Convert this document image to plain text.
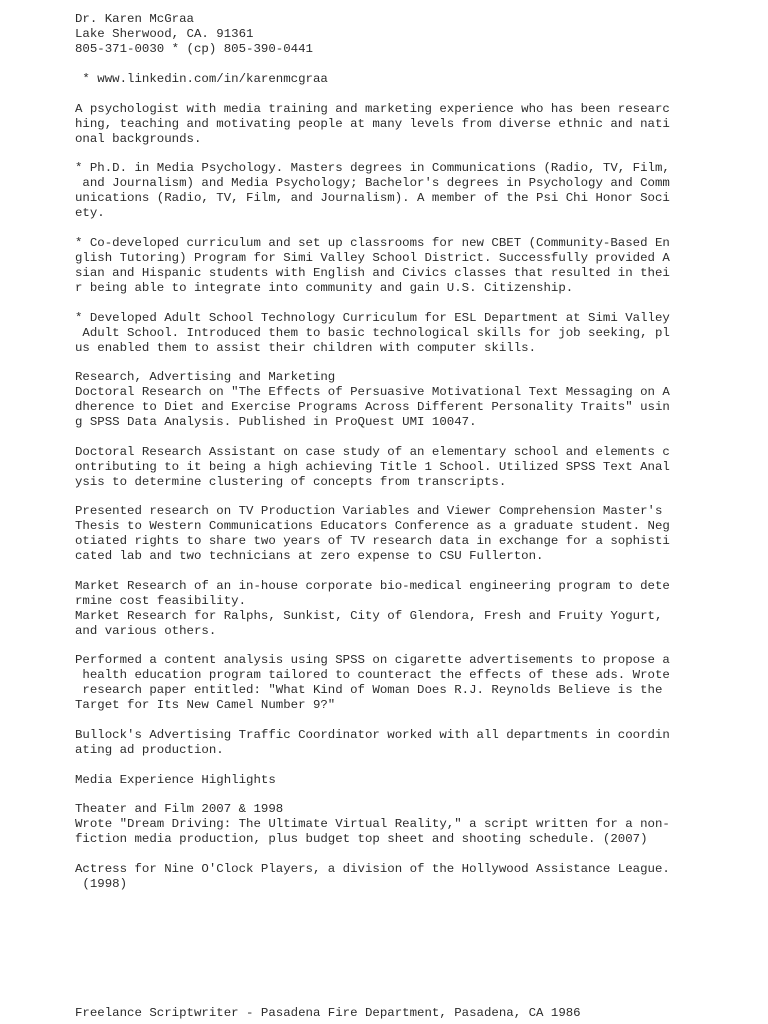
Dr. Karen McGraa
Lake Sherwood, CA. 91361
805-371-0030 * (cp) 805-390-0441
* www.linkedin.com/in/karenmcgraa
A psychologist with media training and marketing experience who has been researc
hing, teaching and motivating people at many levels from diverse ethnic and nati
onal backgrounds.
* Ph.D. in Media Psychology. Masters degrees in Communications (Radio, TV, Film,
and Journalism) and Media Psychology; Bachelor's degrees in Psychology and Comm
unications (Radio, TV, Film, and Journalism). A member of the Psi Chi Honor Soci
ety.
* Co-developed curriculum and set up classrooms for new CBET (Community-Based En
glish Tutoring) Program for Simi Valley School District. Successfully provided A
sian and Hispanic students with English and Civics classes that resulted in thei
r being able to integrate into community and gain U.S. Citizenship.
* Developed Adult School Technology Curriculum for ESL Department at Simi Valley
Adult School. Introduced them to basic technological skills for job seeking, pl
us enabled them to assist their children with computer skills.
Research, Advertising and Marketing
Doctoral Research on "The Effects of Persuasive Motivational Text Messaging on A
dherence to Diet and Exercise Programs Across Different Personality Traits" usin
g SPSS Data Analysis. Published in ProQuest UMI 10047.
Doctoral Research Assistant on case study of an elementary school and elements c
ontributing to it being a high achieving Title 1 School. Utilized SPSS Text Anal
ysis to determine clustering of concepts from transcripts.
Presented research on TV Production Variables and Viewer Comprehension Master's
Thesis to Western Communications Educators Conference as a graduate student. Neg
otiated rights to share two years of TV research data in exchange for a sophisti
cated lab and two technicians at zero expense to CSU Fullerton.
Market Research of an in-house corporate bio-medical engineering program to dete
rmine cost feasibility.
Market Research for Ralphs, Sunkist, City of Glendora, Fresh and Fruity Yogurt,
and various others.
Performed a content analysis using SPSS on cigarette advertisements to propose a
health education program tailored to counteract the effects of these ads. Wrote
research paper entitled: "What Kind of Woman Does R.J. Reynolds Believe is the
Target for Its New Camel Number 9?"
Bullock's Advertising Traffic Coordinator worked with all departments in coordin
ating ad production.
Media Experience Highlights
Theater and Film 2007 & 1998
Wrote "Dream Driving: The Ultimate Virtual Reality," a script written for a non-
fiction media production, plus budget top sheet and shooting schedule. (2007)
Actress for Nine O'Clock Players, a division of the Hollywood Assistance League.
(1998)
Freelance Scriptwriter - Pasadena Fire Department, Pasadena, CA 1986
